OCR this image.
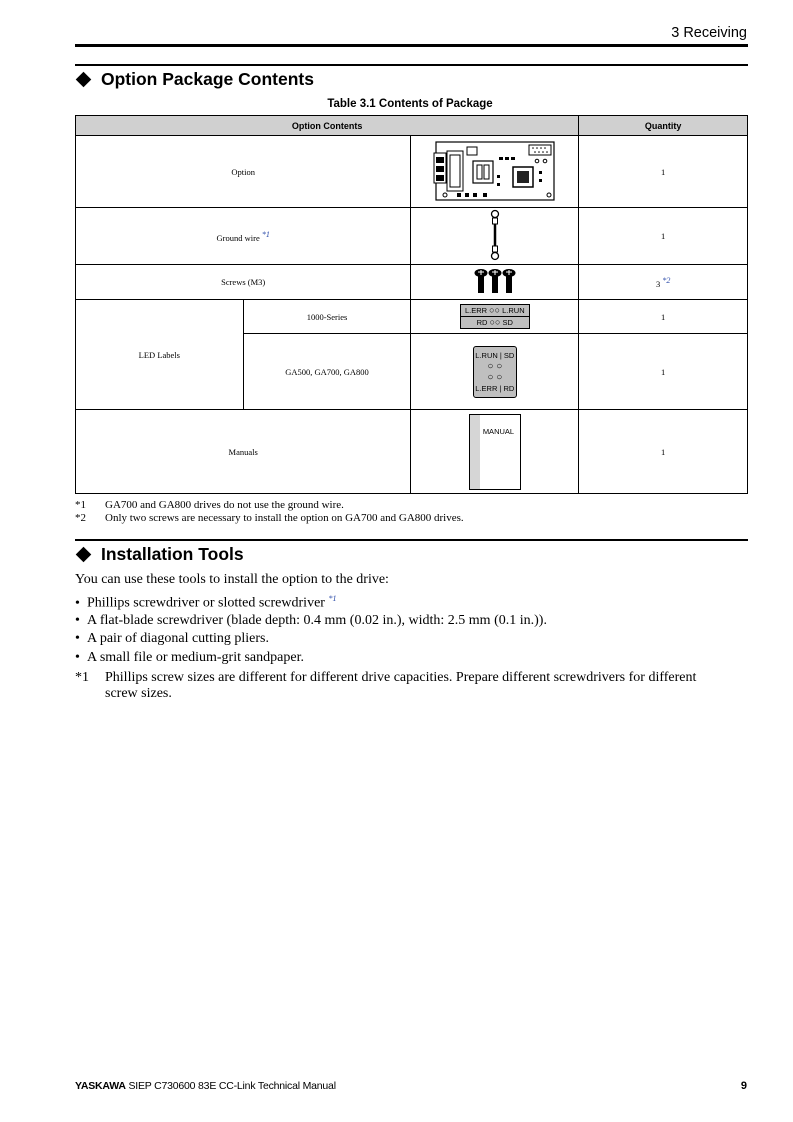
3 Receiving
Option Package Contents
Table 3.1 Contents of Package
Option Contents			Quantity
Option			1
Ground wire *1			1
Screws (M3)			3 *2
LED Labels	1000-Series	L.ERR ○○ L.RUN
RD ○○ SD	1
	GA500, GA700, GA800	L.RUN | SD
○ ○
○ ○
L.ERR | RD	1
Manuals		MANUAL	1
*1 GA700 and GA800 drives do not use the ground wire.
*2 Only two screws are necessary to install the option on GA700 and GA800 drives.
Installation Tools
You can use these tools to install the option to the drive:
• Phillips screwdriver or slotted screwdriver $^{*1}$
• A flat-blade screwdriver (blade depth: 0.4 mm (0.02 in.), width: 2.5 mm (0.1 in.)).
• A pair of diagonal cutting pliers.
• A small file or medium-grit sandpaper.
*1 Phillips screw sizes are different for different drive capacities. Prepare different screwdrivers for different
screw sizes.
YASKAWA SIEP C730600 83E CC-Link Technical Manual	9
